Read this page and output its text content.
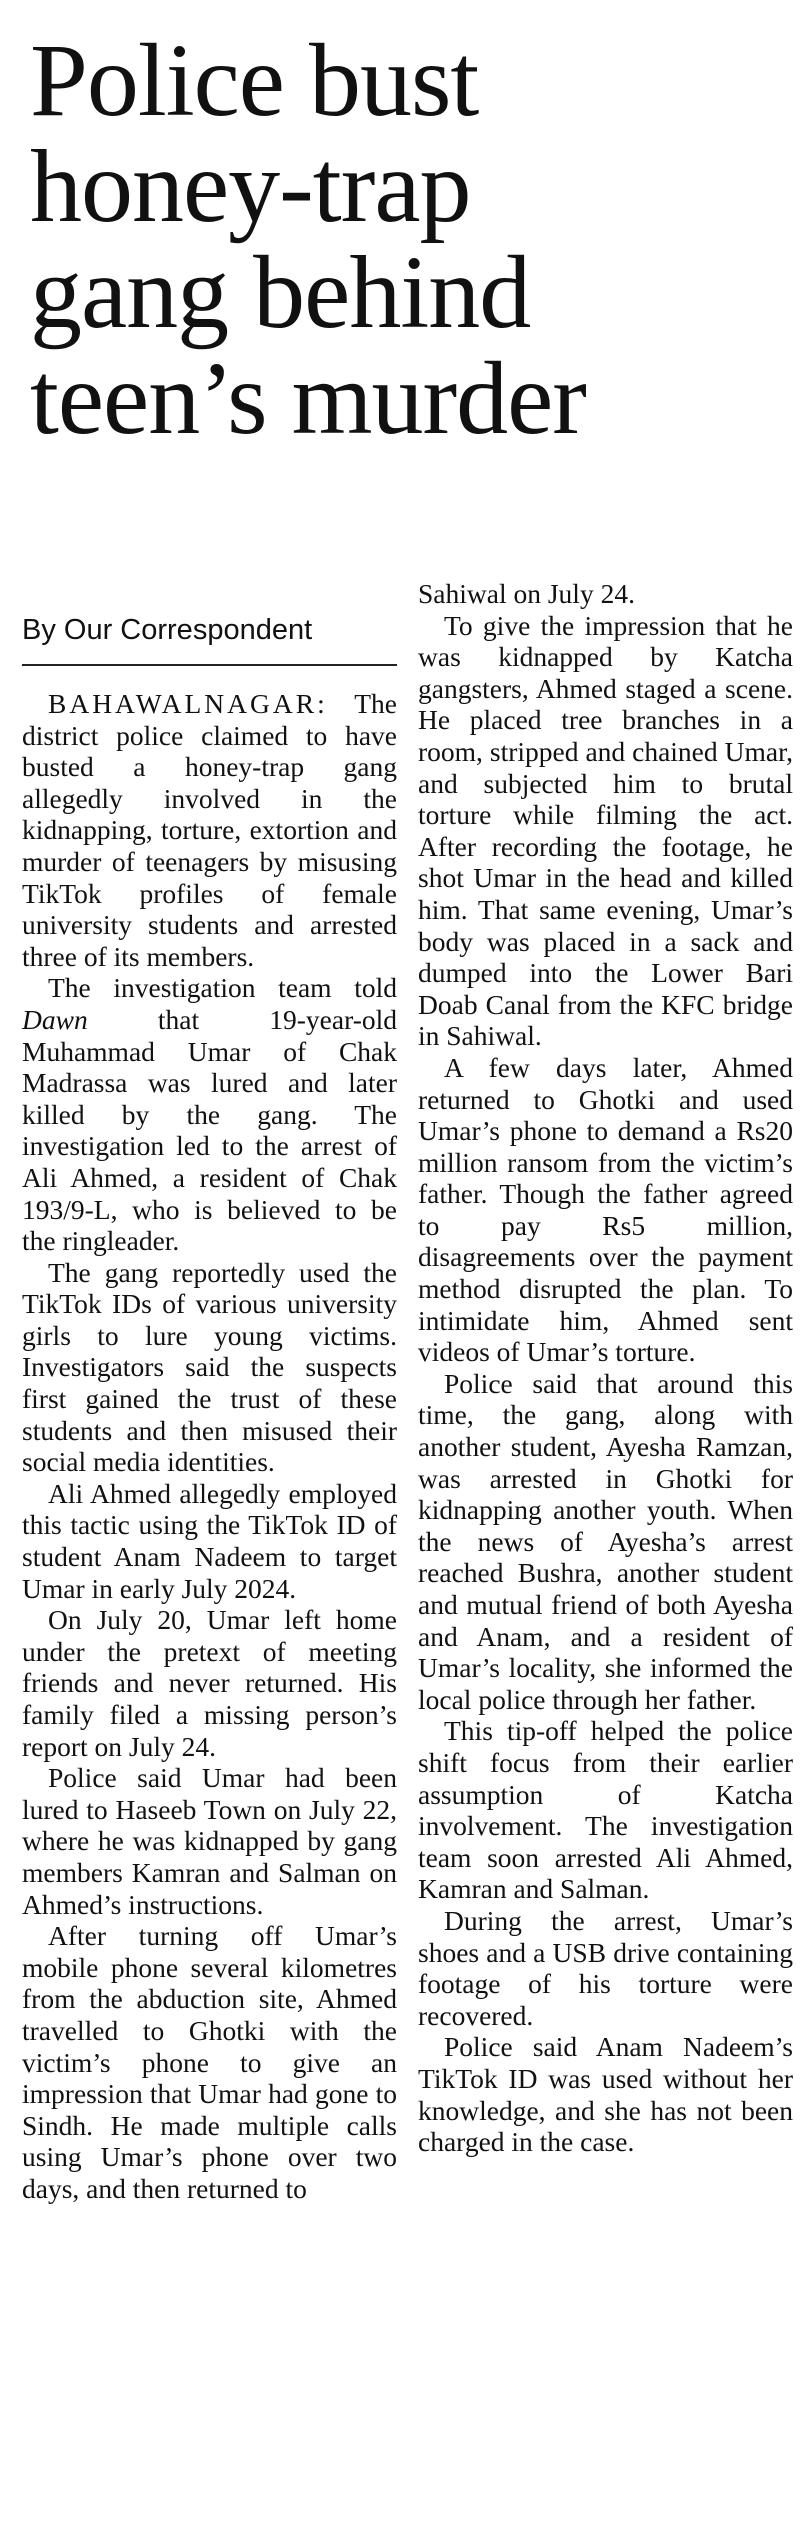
Police bust
honey-trap
gang behind
teen’s murder
By Our Correspondent

BAHAWALNAGAR: The district police claimed to have busted a honey-trap gang allegedly involved in the kidnapping, torture, extortion and murder of teenagers by misusing TikTok profiles of female university students and arrested three of its members.

The investigation team told Dawn that 19-year-old Muhammad Umar of Chak Madrassa was lured and later killed by the gang. The investigation led to the arrest of Ali Ahmed, a resident of Chak 193/9-L, who is believed to be the ringleader.

The gang reportedly used the TikTok IDs of various university girls to lure young victims. Investigators said the suspects first gained the trust of these students and then misused their social media identities.

Ali Ahmed allegedly employed this tactic using the TikTok ID of student Anam Nadeem to target Umar in early July 2024.

On July 20, Umar left home under the pretext of meeting friends and never returned. His family filed a missing person’s report on July 24.

Police said Umar had been lured to Haseeb Town on July 22, where he was kidnapped by gang members Kamran and Salman on Ahmed’s instructions.

After turning off Umar’s mobile phone several kilometres from the abduction site, Ahmed travelled to Ghotki with the victim’s phone to give an impression that Umar had gone to Sindh. He made multiple calls using Umar’s phone over two days, and then returned to

Sahiwal on July 24.

To give the impression that he was kidnapped by Katcha gangsters, Ahmed staged a scene. He placed tree branches in a room, stripped and chained Umar, and subjected him to brutal torture while filming the act. After recording the footage, he shot Umar in the head and killed him. That same evening, Umar’s body was placed in a sack and dumped into the Lower Bari Doab Canal from the KFC bridge in Sahiwal.

A few days later, Ahmed returned to Ghotki and used Umar’s phone to demand a Rs20 million ransom from the victim’s father. Though the father agreed to pay Rs5 million, disagreements over the payment method disrupted the plan. To intimidate him, Ahmed sent videos of Umar’s torture.

Police said that around this time, the gang, along with another student, Ayesha Ramzan, was arrested in Ghotki for kidnapping another youth. When the news of Ayesha’s arrest reached Bushra, another student and mutual friend of both Ayesha and Anam, and a resident of Umar’s locality, she informed the local police through her father.

This tip-off helped the police shift focus from their earlier assumption of Katcha involvement. The investigation team soon arrested Ali Ahmed, Kamran and Salman.

During the arrest, Umar’s shoes and a USB drive containing footage of his torture were recovered.

Police said Anam Nadeem’s TikTok ID was used without her knowledge, and she has not been charged in the case.
